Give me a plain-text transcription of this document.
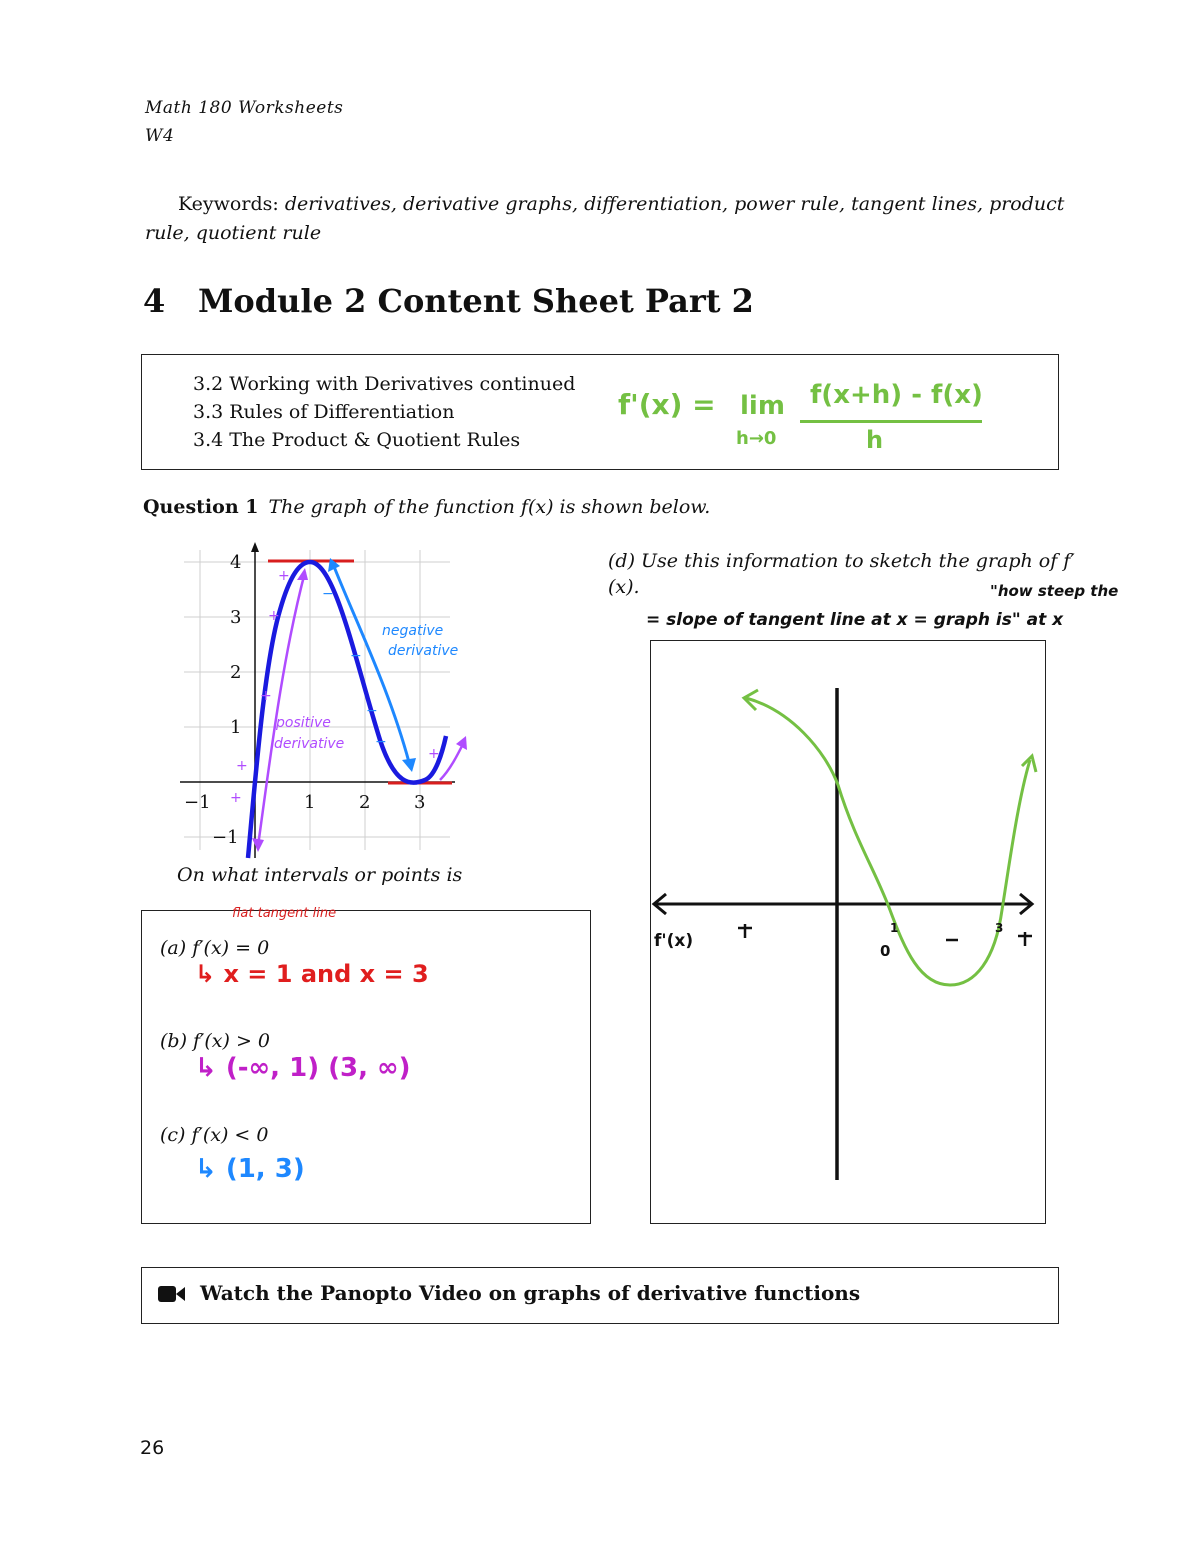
Math 180 Worksheets
W4
Keywords: derivatives, derivative graphs, differentiation, power rule, tangent lines, product rule, quotient rule
4 Module 2 Content Sheet Part 2
3.2 Working with Derivatives continued
3.3 Rules of Differentiation
3.4 The Product & Quotient Rules
f'(x) = lim
h→0
f(x+h) - f(x)
h
Question 1 The graph of the function f(x) is shown below.
+
+
+
+
+
+
−
−
−
−
4
3
2
1
−1
−1	1 2 3
negative
derivative
positive
derivative
On what intervals or points is
flat tangent line
(a) f′(x) = 0
↳ x = 1 and x = 3
(b) f′(x) > 0
↳ (-∞, 1) (3, ∞)
(c) f′(x) < 0
↳ (1, 3)
(d) Use this information to sketch the graph of f′(x).	"how steep the
= slope of tangent line at x = graph is" at x
f'(x)	0
1	3
Watch the Panopto Video on graphs of derivative functions
26
